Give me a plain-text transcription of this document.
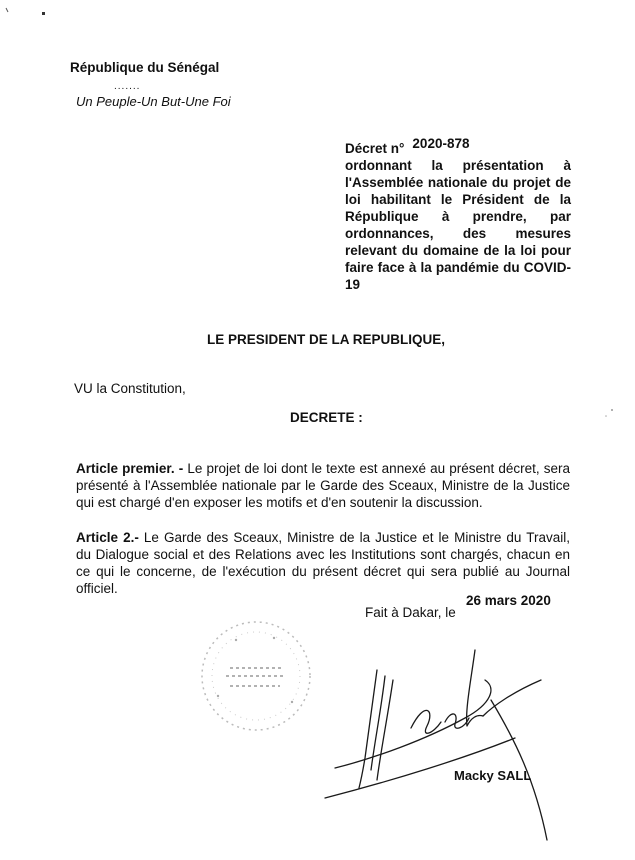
République du Sénégal
.......
Un Peuple-Un But-Une Foi
Décret n° 2020-878
ordonnant la présentation à l'Assemblée nationale du projet de loi habilitant le Président de la République à prendre, par ordonnances, des mesures relevant du domaine de la loi pour faire face à la pandémie du COVID-19
LE PRESIDENT DE LA REPUBLIQUE,
VU la Constitution,
DECRETE :
Article premier. - Le projet de loi dont le texte est annexé au présent décret, sera présenté à l'Assemblée nationale par le Garde des Sceaux, Ministre de la Justice qui est chargé d'en exposer les motifs et d'en soutenir la discussion.
Article 2.- Le Garde des Sceaux, Ministre de la Justice et le Ministre du Travail, du Dialogue social et des Relations avec les Institutions sont chargés, chacun en ce qui le concerne, de l'exécution du présent décret qui sera publié au Journal officiel.
Fait à Dakar, le
26 mars 2020
Macky SALL
